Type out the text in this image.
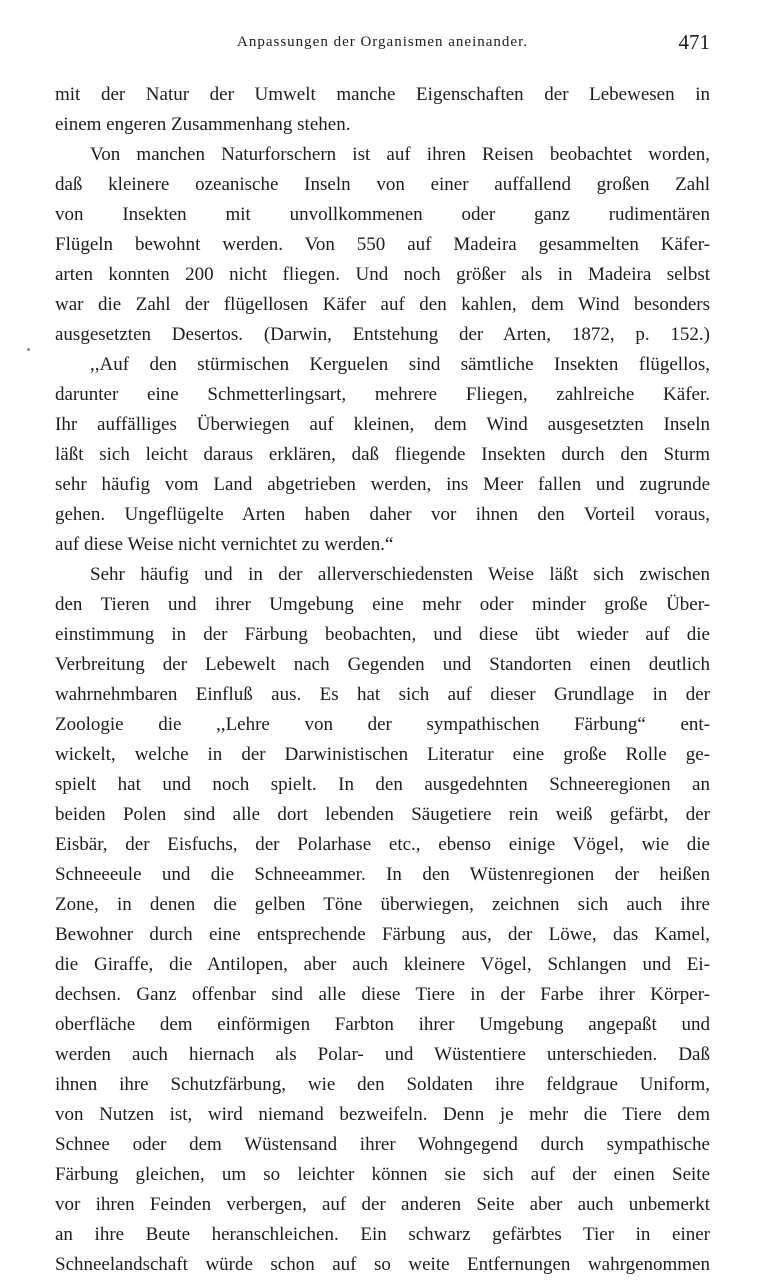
Anpassungen der Organismen aneinander.	471
mit der Natur der Umwelt manche Eigenschaften der Lebewesen in
einem engeren Zusammenhang stehen.
Von manchen Naturforschern ist auf ihren Reisen beobachtet worden,
daß kleinere ozeanische Inseln von einer auffallend großen Zahl
von Insekten mit unvollkommenen oder ganz rudimentären
Flügeln bewohnt werden. Von 550 auf Madeira gesammelten Käfer-
arten konnten 200 nicht fliegen. Und noch größer als in Madeira selbst
war die Zahl der flügellosen Käfer auf den kahlen, dem Wind besonders
ausgesetzten Desertos. (Darwin, Entstehung der Arten, 1872, p. 152.)
,,Auf den stürmischen Kerguelen sind sämtliche Insekten flügellos,
darunter eine Schmetterlingsart, mehrere Fliegen, zahlreiche Käfer.
Ihr auffälliges Überwiegen auf kleinen, dem Wind ausgesetzten Inseln
läßt sich leicht daraus erklären, daß fliegende Insekten durch den Sturm
sehr häufig vom Land abgetrieben werden, ins Meer fallen und zugrunde
gehen. Ungeflügelte Arten haben daher vor ihnen den Vorteil voraus,
auf diese Weise nicht vernichtet zu werden.“
Sehr häufig und in der allerverschiedensten Weise läßt sich zwischen
den Tieren und ihrer Umgebung eine mehr oder minder große Über-
einstimmung in der Färbung beobachten, und diese übt wieder auf die
Verbreitung der Lebewelt nach Gegenden und Standorten einen deutlich
wahrnehmbaren Einfluß aus. Es hat sich auf dieser Grundlage in der
Zoologie die ,,Lehre von der sympathischen Färbung“ ent-
wickelt, welche in der Darwinistischen Literatur eine große Rolle ge-
spielt hat und noch spielt. In den ausgedehnten Schneeregionen an
beiden Polen sind alle dort lebenden Säugetiere rein weiß gefärbt, der
Eisbär, der Eisfuchs, der Polarhase etc., ebenso einige Vögel, wie die
Schneeeule und die Schneeammer. In den Wüstenregionen der heißen
Zone, in denen die gelben Töne überwiegen, zeichnen sich auch ihre
Bewohner durch eine entsprechende Färbung aus, der Löwe, das Kamel,
die Giraffe, die Antilopen, aber auch kleinere Vögel, Schlangen und Ei-
dechsen. Ganz offenbar sind alle diese Tiere in der Farbe ihrer Körper-
oberfläche dem einförmigen Farbton ihrer Umgebung angepaßt und
werden auch hiernach als Polar- und Wüstentiere unterschieden. Daß
ihnen ihre Schutzfärbung, wie den Soldaten ihre feldgraue Uniform,
von Nutzen ist, wird niemand bezweifeln. Denn je mehr die Tiere dem
Schnee oder dem Wüstensand ihrer Wohngegend durch sympathische
Färbung gleichen, um so leichter können sie sich auf der einen Seite
vor ihren Feinden verbergen, auf der anderen Seite aber auch unbemerkt
an ihre Beute heranschleichen. Ein schwarz gefärbtes Tier in einer
Schneelandschaft würde schon auf so weite Entfernungen wahrgenommen
